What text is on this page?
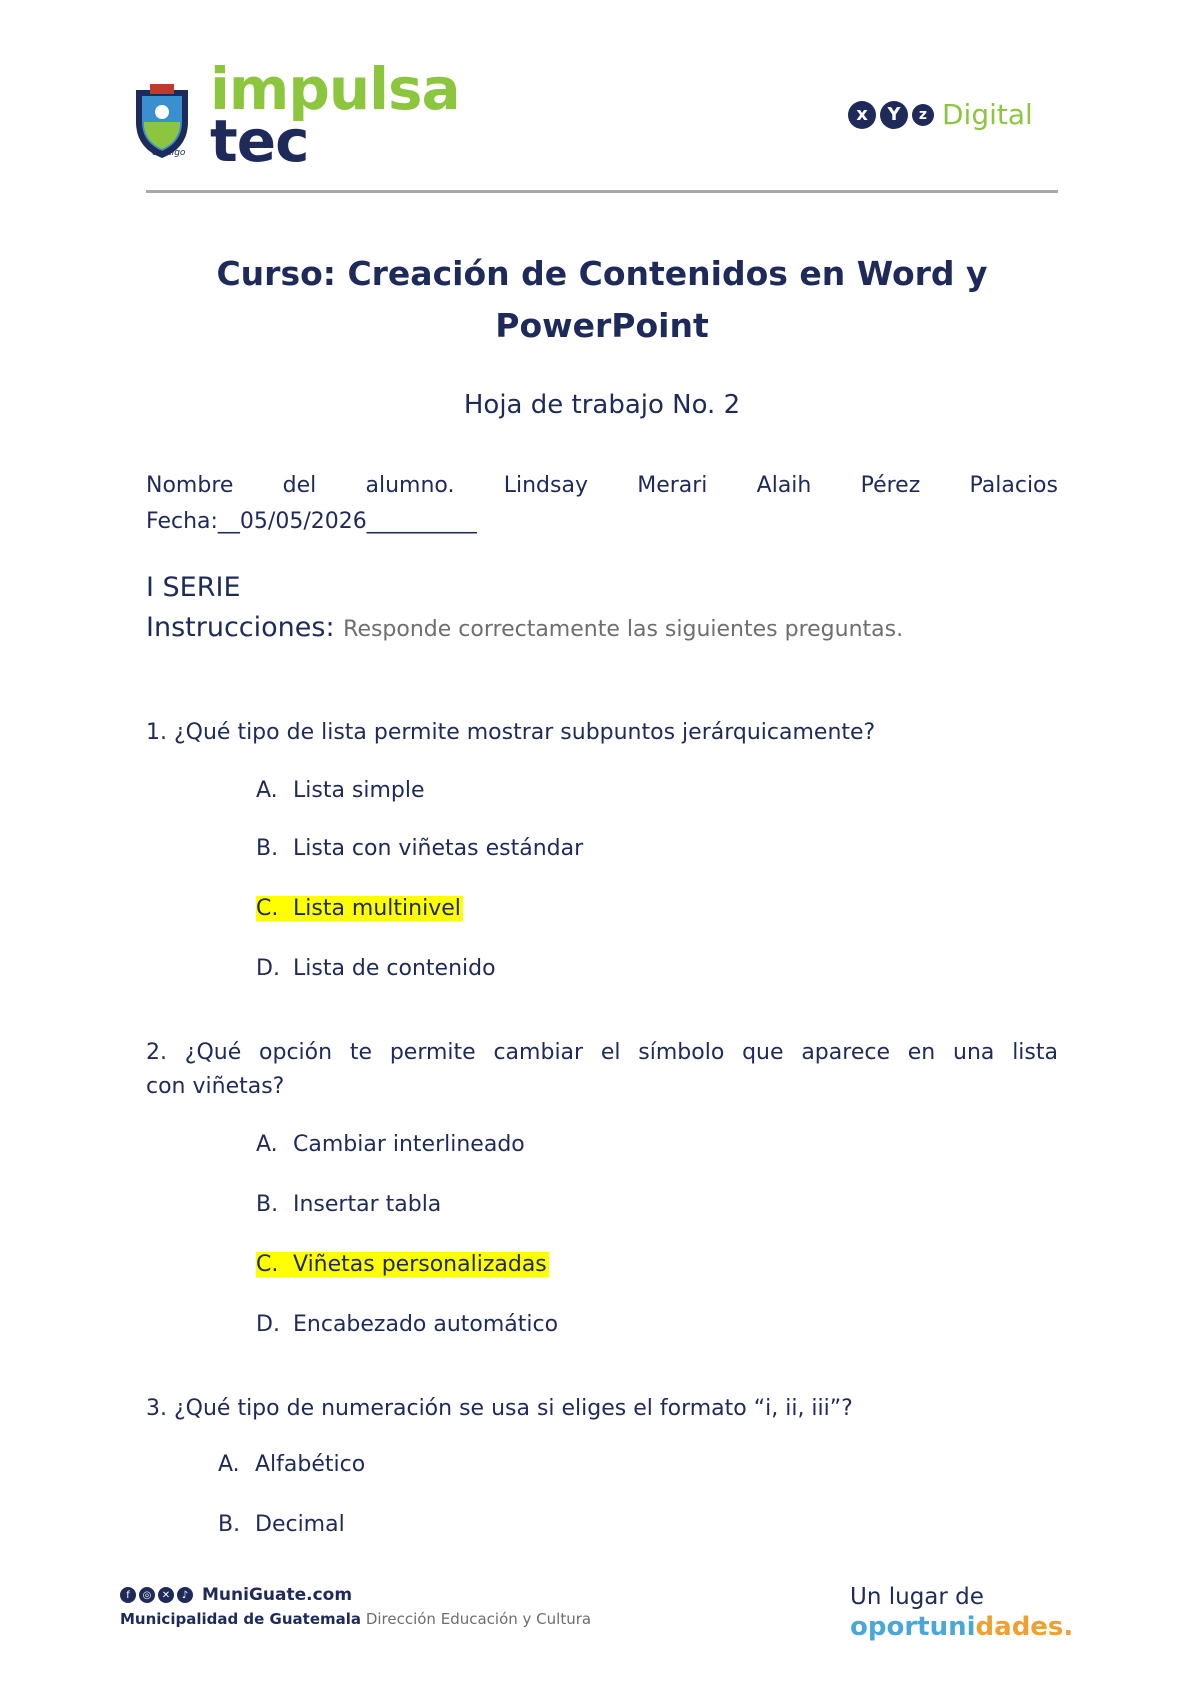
impulsa
tec
contigo
x	Y	z Digital
Curso: Creación de Contenidos en Word y
PowerPoint
Hoja de trabajo No. 2
Nombre del alumno. Lindsay Merari Alaih Pérez Palacios
Fecha:__05/05/2026__________
I SERIE
Instrucciones: Responde correctamente las siguientes preguntas.
1. ¿Qué tipo de lista permite mostrar subpuntos jerárquicamente?
A. Lista simple
B. Lista con viñetas estándar
C. Lista multinivel
D. Lista de contenido
2. ¿Qué opción te permite cambiar el símbolo que aparece en una lista
con viñetas?
A. Cambiar interlineado
B. Insertar tabla
C. Viñetas personalizadas
D. Encabezado automático
3. ¿Qué tipo de numeración se usa si eliges el formato “i, ii, iii”?
A. Alfabético
B. Decimal
f	◎	✕	♪ MuniGuate.com
Municipalidad de Guatemala Dirección Educación y Cultura
Un lugar de
oportunidades.
